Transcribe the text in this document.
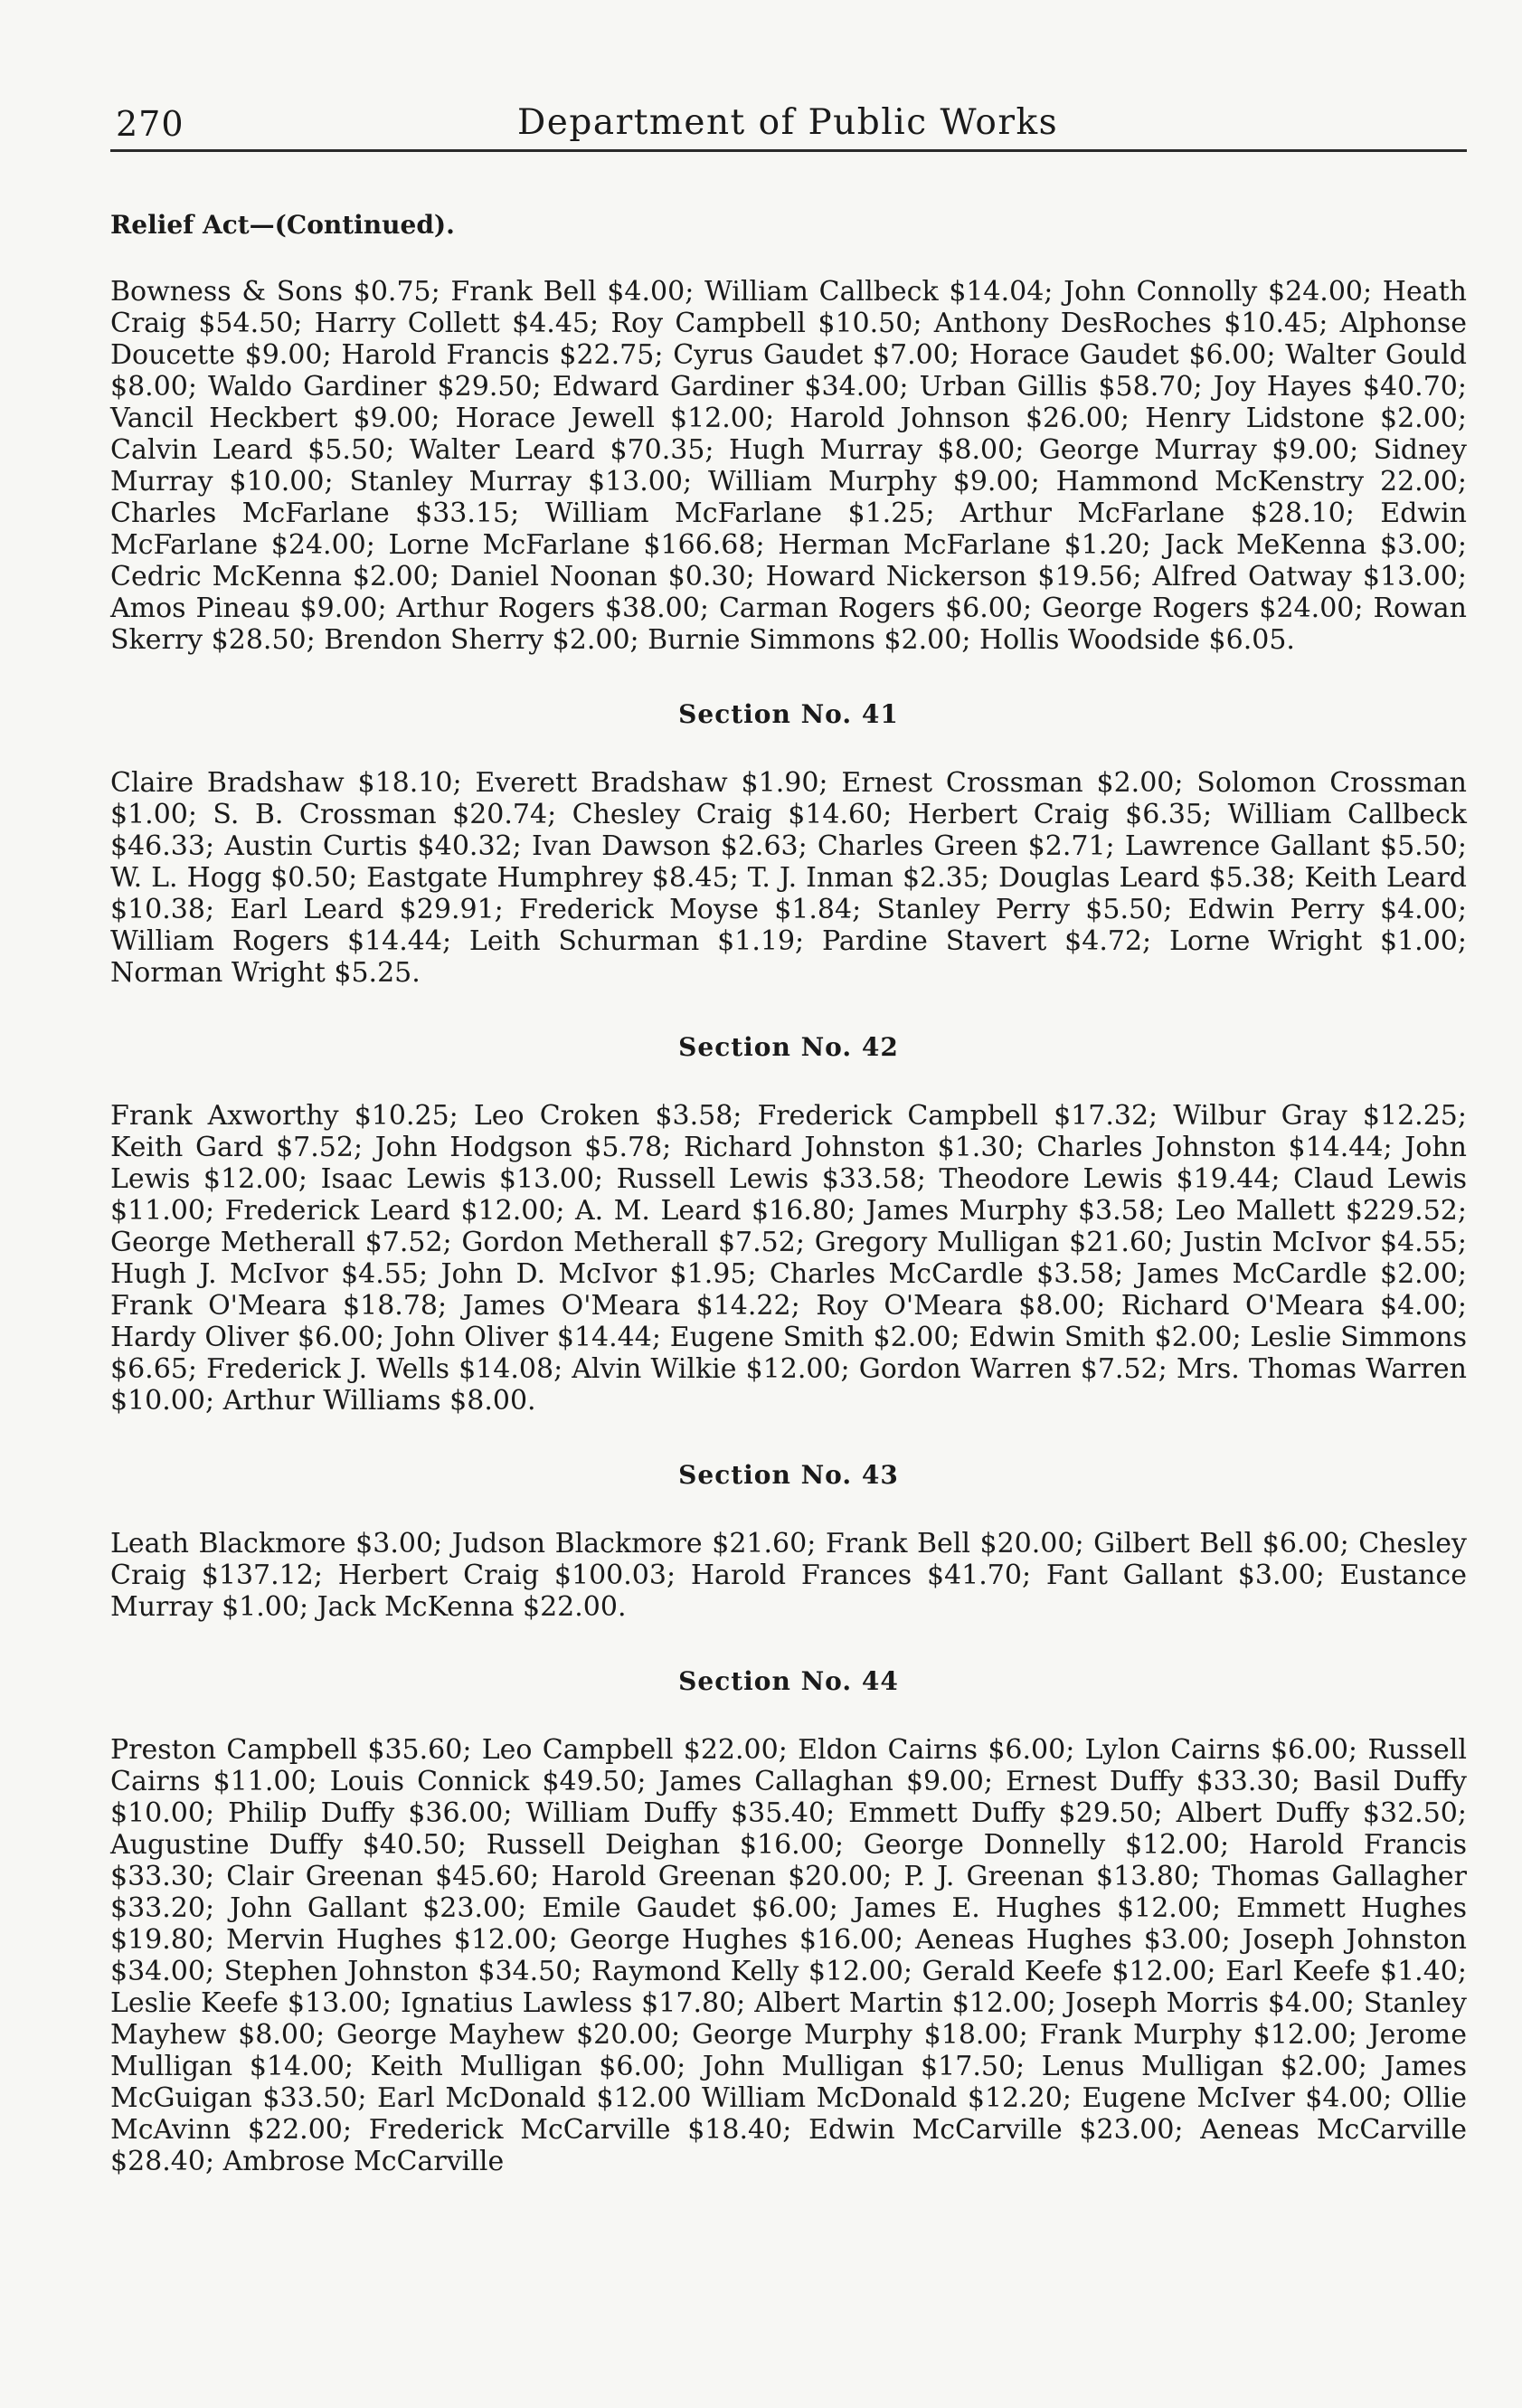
270	Department of Public Works
Relief Act—(Continued).

Bowness & Sons $0.75; Frank Bell $4.00; William Callbeck $14.04; John Connolly $24.00; Heath Craig $54.50; Harry Collett $4.45; Roy Campbell $10.50; Anthony DesRoches $10.45; Alphonse Doucette $9.00; Harold Francis $22.75; Cyrus Gaudet $7.00; Horace Gaudet $6.00; Walter Gould $8.00; Waldo Gardiner $29.50; Edward Gardiner $34.00; Urban Gillis $58.70; Joy Hayes $40.70; Vancil Heckbert $9.00; Horace Jewell $12.00; Harold Johnson $26.00; Henry Lidstone $2.00; Calvin Leard $5.50; Walter Leard $70.35; Hugh Murray $8.00; George Murray $9.00; Sidney Murray $10.00; Stanley Murray $13.00; William Murphy $9.00; Hammond McKenstry 22.00; Charles McFarlane $33.15; William McFarlane $1.25; Arthur McFarlane $28.10; Edwin McFarlane $24.00; Lorne McFarlane $166.68; Herman McFarlane $1.20; Jack MeKenna $3.00; Cedric McKenna $2.00; Daniel Noonan $0.30; Howard Nickerson $19.56; Alfred Oatway $13.00; Amos Pineau $9.00; Arthur Rogers $38.00; Carman Rogers $6.00; George Rogers $24.00; Rowan Skerry $28.50; Brendon Sherry $2.00; Burnie Simmons $2.00; Hollis Woodside $6.05.

Section No. 41

Claire Bradshaw $18.10; Everett Bradshaw $1.90; Ernest Crossman $2.00; Solomon Crossman $1.00; S. B. Crossman $20.74; Chesley Craig $14.60; Herbert Craig $6.35; William Callbeck $46.33; Austin Curtis $40.32; Ivan Dawson $2.63; Charles Green $2.71; Lawrence Gallant $5.50; W. L. Hogg $0.50; Eastgate Humphrey $8.45; T. J. Inman $2.35; Douglas Leard $5.38; Keith Leard $10.38; Earl Leard $29.91; Frederick Moyse $1.84; Stanley Perry $5.50; Edwin Perry $4.00; William Rogers $14.44; Leith Schurman $1.19; Pardine Stavert $4.72; Lorne Wright $1.00; Norman Wright $5.25.

Section No. 42

Frank Axworthy $10.25; Leo Croken $3.58; Frederick Campbell $17.32; Wilbur Gray $12.25; Keith Gard $7.52; John Hodgson $5.78; Richard Johnston $1.30; Charles Johnston $14.44; John Lewis $12.00; Isaac Lewis $13.00; Russell Lewis $33.58; Theodore Lewis $19.44; Claud Lewis $11.00; Frederick Leard $12.00; A. M. Leard $16.80; James Murphy $3.58; Leo Mallett $229.52; George Metherall $7.52; Gordon Metherall $7.52; Gregory Mulligan $21.60; Justin McIvor $4.55; Hugh J. McIvor $4.55; John D. McIvor $1.95; Charles McCardle $3.58; James McCardle $2.00; Frank O'Meara $18.78; James O'Meara $14.22; Roy O'Meara $8.00; Richard O'Meara $4.00; Hardy Oliver $6.00; John Oliver $14.44; Eugene Smith $2.00; Edwin Smith $2.00; Leslie Simmons $6.65; Frederick J. Wells $14.08; Alvin Wilkie $12.00; Gordon Warren $7.52; Mrs. Thomas Warren $10.00; Arthur Williams $8.00.

Section No. 43

Leath Blackmore $3.00; Judson Blackmore $21.60; Frank Bell $20.00; Gilbert Bell $6.00; Chesley Craig $137.12; Herbert Craig $100.03; Harold Frances $41.70; Fant Gallant $3.00; Eustance Murray $1.00; Jack McKenna $22.00.

Section No. 44

Preston Campbell $35.60; Leo Campbell $22.00; Eldon Cairns $6.00; Lylon Cairns $6.00; Russell Cairns $11.00; Louis Connick $49.50; James Callaghan $9.00; Ernest Duffy $33.30; Basil Duffy $10.00; Philip Duffy $36.00; William Duffy $35.40; Emmett Duffy $29.50; Albert Duffy $32.50; Augustine Duffy $40.50; Russell Deighan $16.00; George Donnelly $12.00; Harold Francis $33.30; Clair Greenan $45.60; Harold Greenan $20.00; P. J. Greenan $13.80; Thomas Gallagher $33.20; John Gallant $23.00; Emile Gaudet $6.00; James E. Hughes $12.00; Emmett Hughes $19.80; Mervin Hughes $12.00; George Hughes $16.00; Aeneas Hughes $3.00; Joseph Johnston $34.00; Stephen Johnston $34.50; Raymond Kelly $12.00; Gerald Keefe $12.00; Earl Keefe $1.40; Leslie Keefe $13.00; Ignatius Lawless $17.80; Albert Martin $12.00; Joseph Morris $4.00; Stanley Mayhew $8.00; George Mayhew $20.00; George Murphy $18.00; Frank Murphy $12.00; Jerome Mulligan $14.00; Keith Mulligan $6.00; John Mulligan $17.50; Lenus Mulligan $2.00; James McGuigan $33.50; Earl McDonald $12.00 William McDonald $12.20; Eugene McIver $4.00; Ollie McAvinn $22.00; Frederick McCarville $18.40; Edwin McCarville $23.00; Aeneas McCarville $28.40; Ambrose McCarville
